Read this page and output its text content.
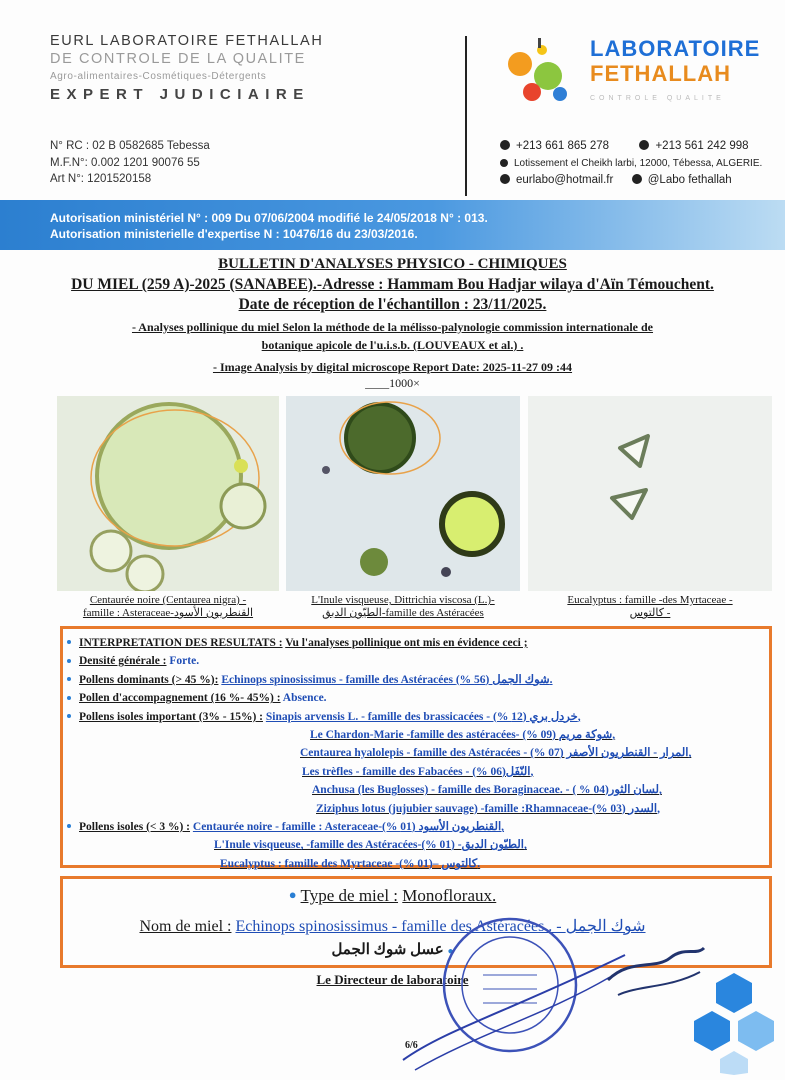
EURL LABORATOIRE FETHALLAH
DE CONTROLE DE LA QUALITE
Agro-alimentaires-Cosmétiques-Détergents
EXPERT JUDICIAIRE
N° RC : 02 B 0582685 Tebessa
M.F.N°: 0.002 1201 90076 55
Art N°: 1201520158
LABORATOIRE
FETHALLAH
CONTROLE QUALITE
+213 661 865 278	+213 561 242 998
Lotissement el Cheikh larbi, 12000, Tébessa, ALGERIE.
eurlabo@hotmail.fr	@Labo fethallah
Autorisation ministériel N° : 009 Du 07/06/2004 modifié le 24/05/2018 N° : 013.
Autorisation ministerielle d'expertise N : 10476/16 du 23/03/2016.
BULLETIN D'ANALYSES PHYSICO - CHIMIQUES
DU MIEL (259 A)-2025 (SANABEE).-Adresse : Hammam Bou Hadjar wilaya d'Aïn Témouchent.
Date de réception de l'échantillon : 23/11/2025.
- Analyses pollinique du miel Selon la méthode de la mélisso-palynologie commission internationale de
botanique apicole de l'u.i.s.b. (LOUVEAUX et al.) .
- Image Analysis by digital microscope Report Date: 2025-11-27 09 :44
____1000×
Centaurée noire (Centaurea nigra) -
famille : Asteraceae-القنطريون الأسود
L'Inule visqueuse, Dittrichia viscosa (L.)-
الطيّون الدبق-famille des Astéracées
Eucalyptus : famille -des Myrtaceae -
كالتوس -
INTERPRETATION DES RESULTATS : Vu l'analyses pollinique ont mis en évidence ceci ;
Densité générale : Forte.
Pollens dominants (> 45 %): Echinops spinosissimus - famille des Astéracées شوك الجمل (56 %).
Pollen d'accompagnement (16 %- 45%) : Absence.
Pollens isoles important (3% - 15%) : Sinapis arvensis L. - famille des brassicacées - خردل بري (12 %),
Le Chardon-Marie -famille des astéracées- شوكة مريم (09 %),
Centaurea hyalolepis - famille des Astéracées - المرار - القنطريون الأصفر (07 %),
Les trèfles - famille des Fabacées - النّفَل(06 %),
Anchusa (les Buglosses) - famille des Boraginaceae. - لسان الثور(04 % ),
Ziziphus lotus (jujubier sauvage) -famille :Rhamnaceae-السدر (03 %),
Pollens isoles (< 3 %) : Centaurée noire - famille : Asteraceae-القنطريون الأسود (01 %),
L'Inule visqueuse, -famille des Astéracées-الطيّون الدبق- (01 %),
Eucalyptus : famille des Myrtaceae -كالتوس –(01 %).
● Type de miel : Monofloraux.
Nom de miel : Echinops spinosissimus - famille des Astéracées . - شوك الجمل
عسل شوك الجمل ●
Le Directeur de laboratoire
6/6
